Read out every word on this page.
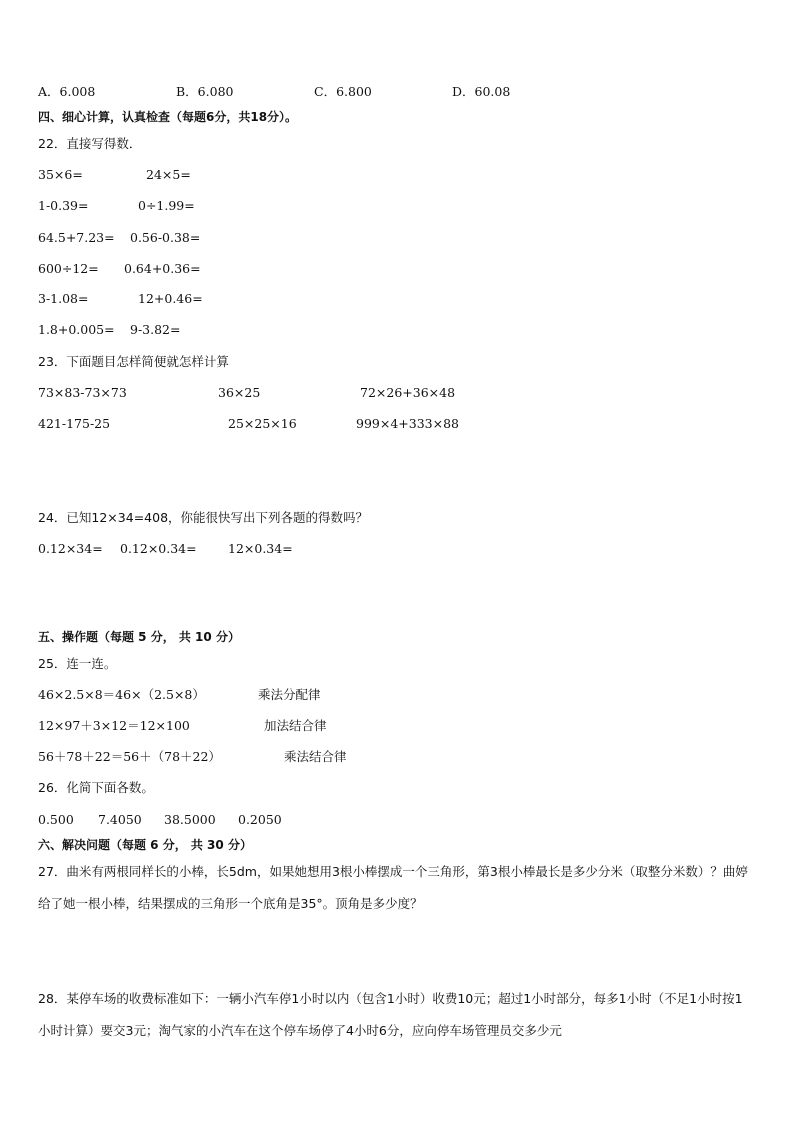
A．6.008	B．6.080	C．6.800	D．60.08
四、细心计算，认真检查（每题6分，共18分）。
22．直接写得数．
35×6=	24×5=
1-0.39=	0÷1.99=
64.5+7.23= 0.56-0.38=
600÷12= 0.64+0.36=
3-1.08=	12+0.46=
1.8+0.005= 9-3.82=
23．下面题目怎样简便就怎样计算
73×83-73×73	36×25	72×26+36×48
421-175-25	25×25×16	999×4+333×88
24．已知12×34=408，你能很快写出下列各题的得数吗？
0.12×34= 0.12×0.34=	12×0.34=
五、操作题（每题 5 分， 共 10 分）
25．连一连。
46×2.5×8＝46×（2.5×8）	乘法分配律
12×97＋3×12＝12×100	加法结合律
56＋78＋22＝56＋（78＋22）	乘法结合律
26．化简下面各数。
0.500 7.4050 38.5000 0.2050
六、解决问题（每题 6 分， 共 30 分）
27．曲米有两根同样长的小棒，长5dm，如果她想用3根小棒摆成一个三角形，第3根小棒最长是多少分米（取整分米数）？曲婷给了她一根小棒，结果摆成的三角形一个底角是35°。顶角是多少度？
28．某停车场的收费标准如下：一辆小汽车停1小时以内（包含1小时）收费10元；超过1小时部分，每多1小时（不足1小时按1小时计算）要交3元；淘气家的小汽车在这个停车场停了4小时6分，应向停车场管理员交多少元
